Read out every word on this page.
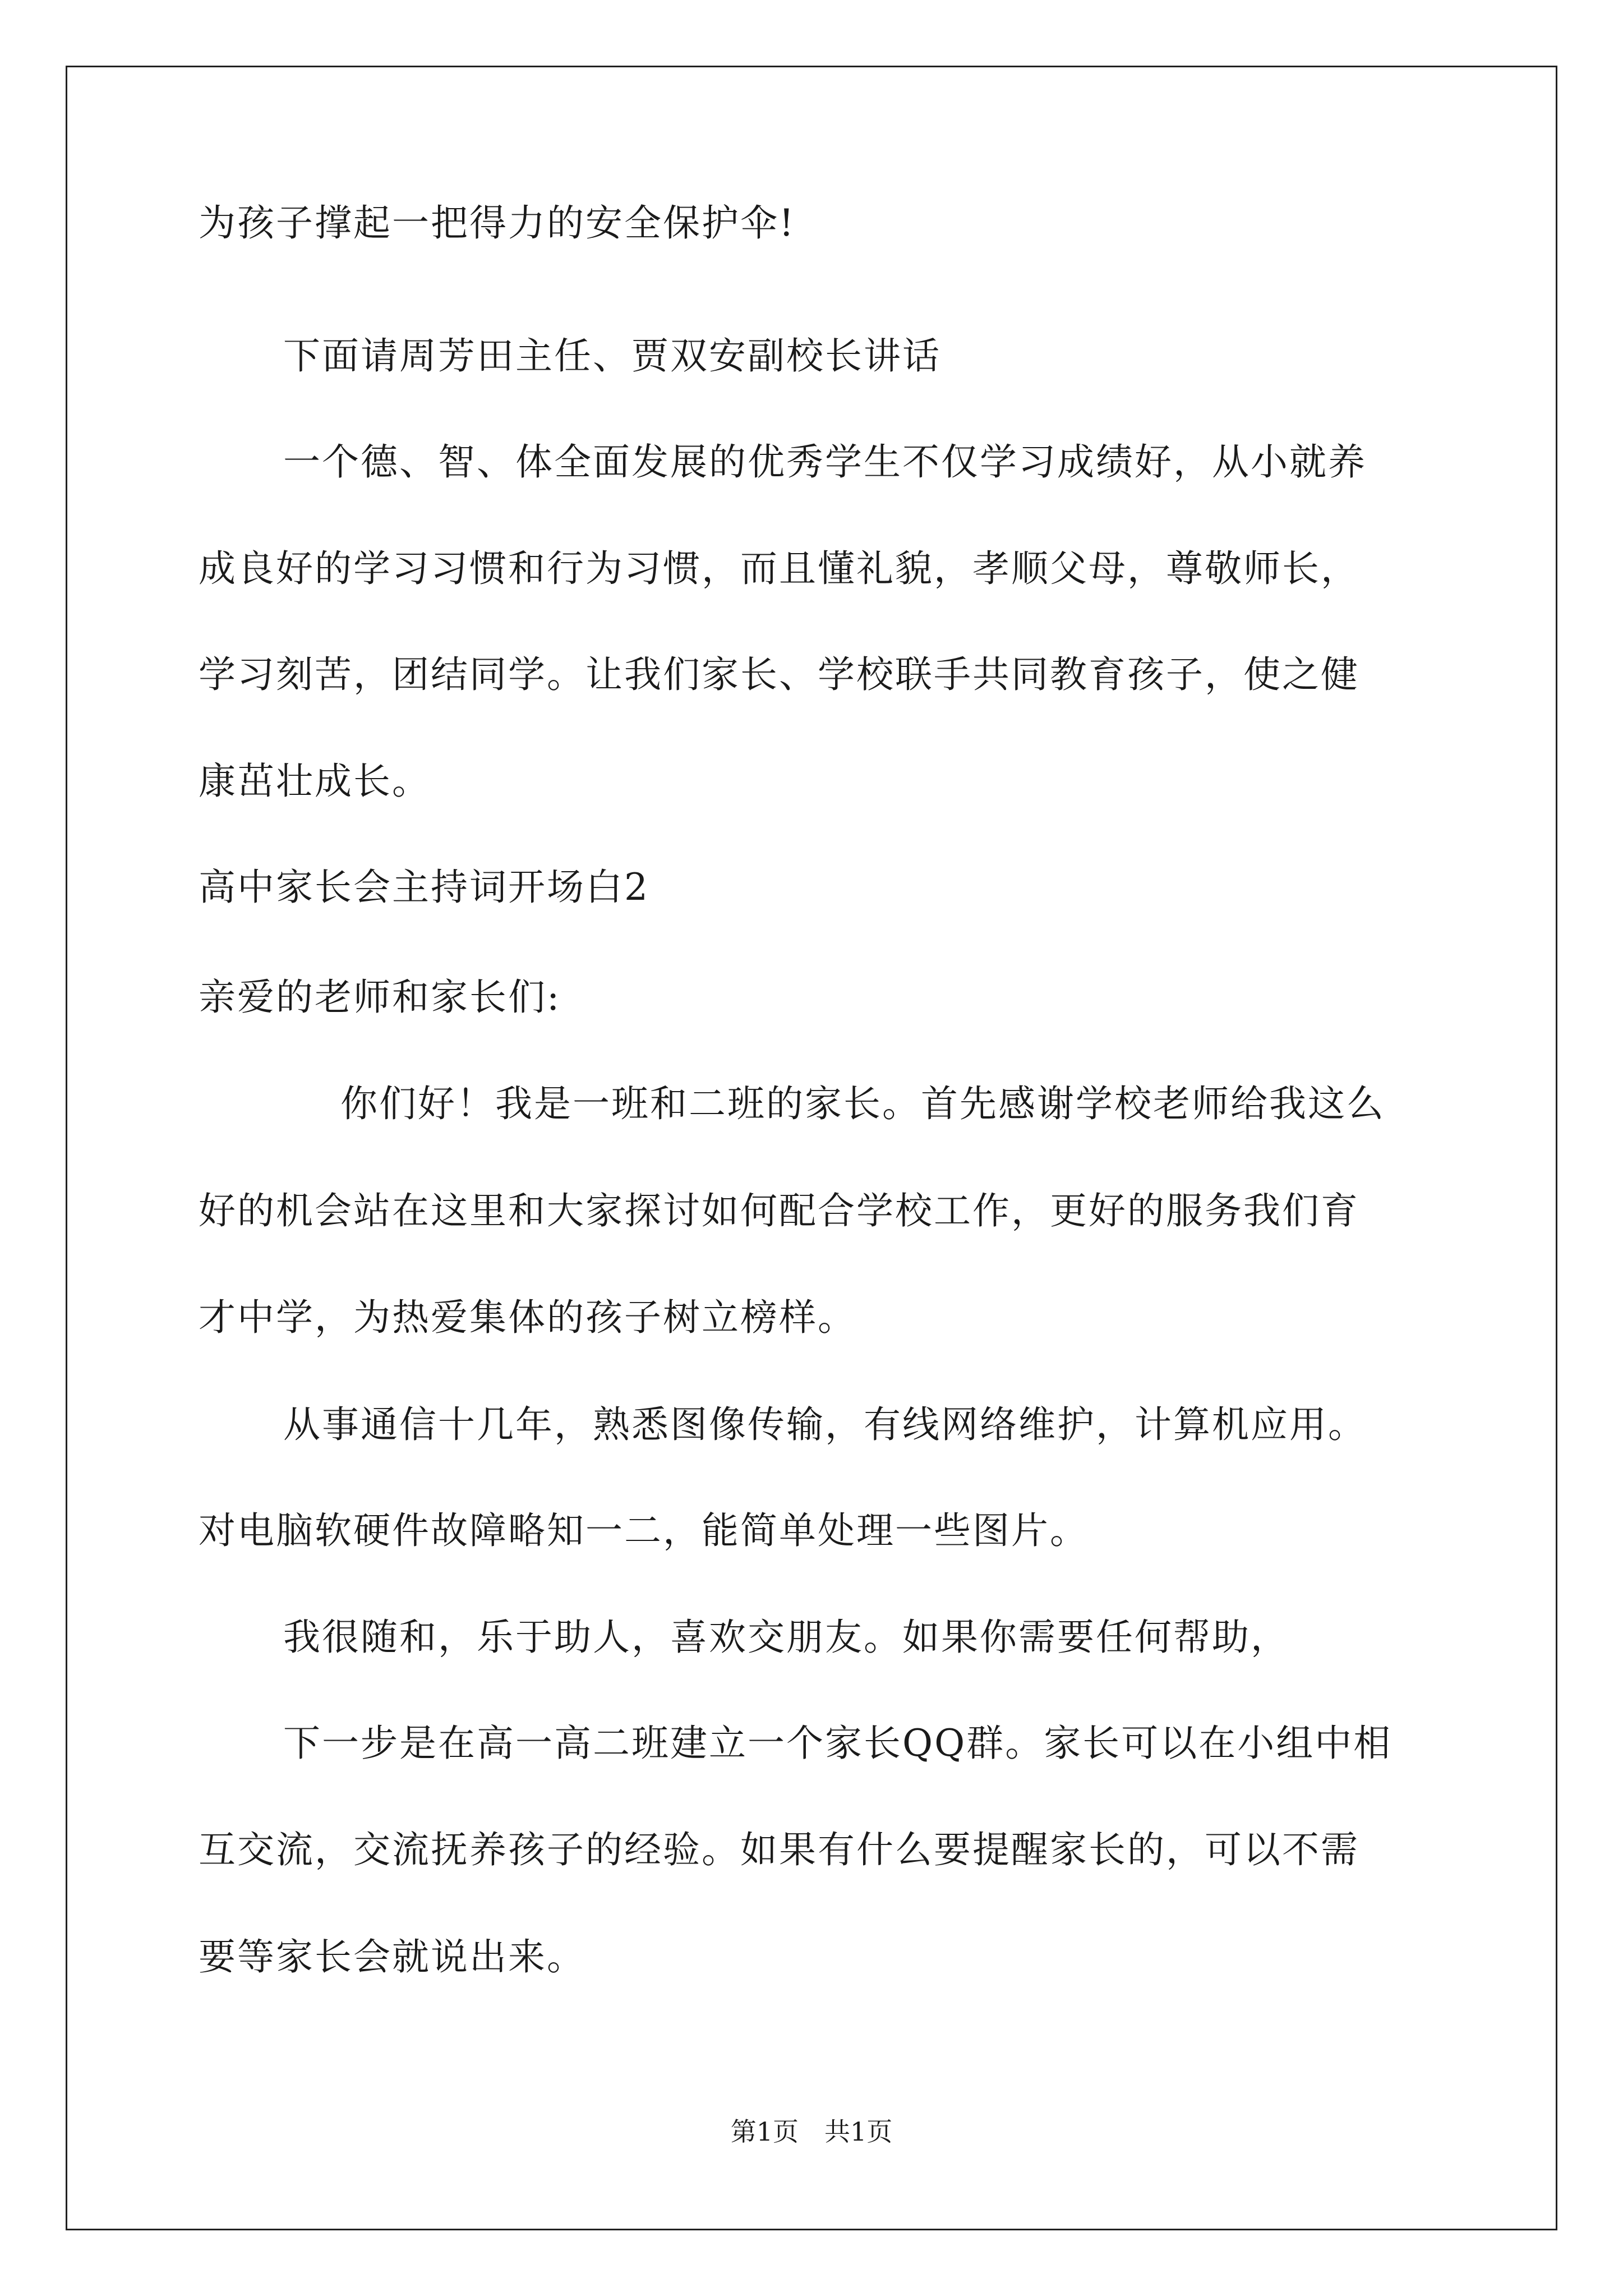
为孩子撑起一把得力的安全保护伞!
下面请周芳田主任、贾双安副校长讲话
一个德、智、体全面发展的优秀学生不仅学习成绩好，从小就养
成良好的学习习惯和行为习惯，而且懂礼貌，孝顺父母，尊敬师长，
学习刻苦，团结同学。让我们家长、学校联手共同教育孩子，使之健
康茁壮成长。
高中家长会主持词开场白2
亲爱的老师和家长们:
你们好！我是一班和二班的家长。首先感谢学校老师给我这么
好的机会站在这里和大家探讨如何配合学校工作，更好的服务我们育
才中学，为热爱集体的孩子树立榜样。
从事通信十几年，熟悉图像传输，有线网络维护，计算机应用。
对电脑软硬件故障略知一二，能简单处理一些图片。
我很随和，乐于助人，喜欢交朋友。如果你需要任何帮助，
下一步是在高一高二班建立一个家长QQ群。家长可以在小组中相
互交流，交流抚养孩子的经验。如果有什么要提醒家长的，可以不需
要等家长会就说出来。
第1页　共1页
